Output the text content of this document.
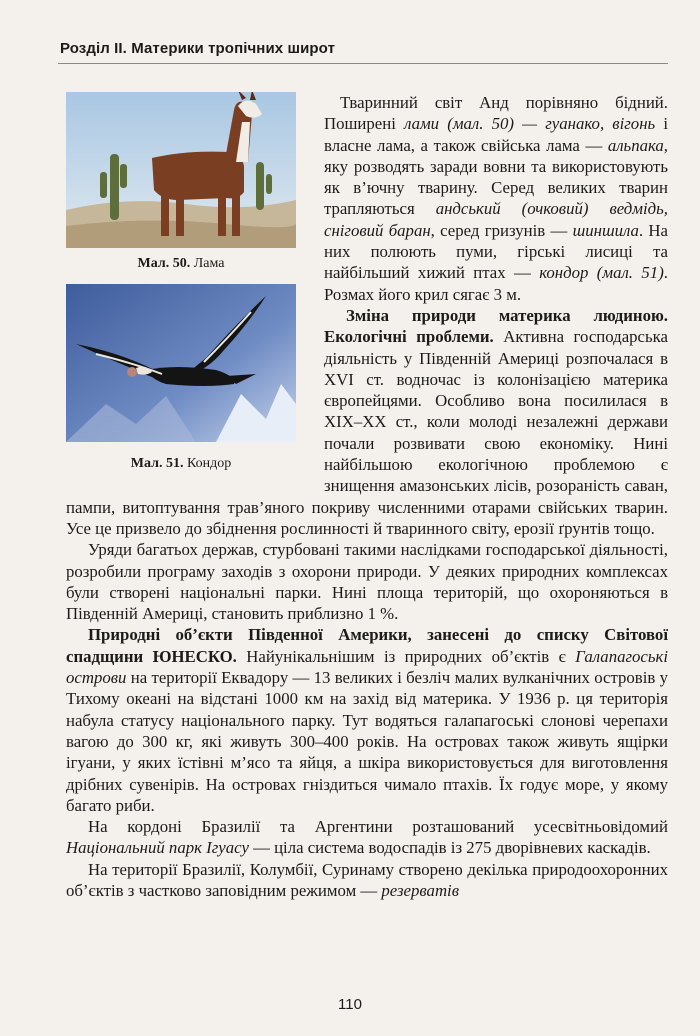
Розділ ІІ. Материки тропічних широт
Мал. 50. Лама
Мал. 51. Кондор

Тваринний світ Анд порівняно бідний. Поширені лами (мал. 50) — гуанако, вігонь і власне лама, а також свійська лама — альпака, яку розводять заради вовни та використовують як в’ючну тварину. Серед великих тварин трапляються андський (очковий) ведмідь, сніговий баран, серед гризунів — шиншила. На них полюють пуми, гірські лисиці та найбільший хижий птах — кондор (мал. 51). Розмах його крил сягає 3 м.

Зміна природи материка людиною. Екологічні проблеми. Активна господарська діяльність у Південній Америці розпочалася в XVI ст. водночас із колонізацією материка європейцями. Особливо вона посилилася в XIX–XX ст., коли молоді незалежні держави почали розвивати свою економіку. Нині найбільшою екологічною проблемою є знищення амазонських лісів, розораність саван, пампи, витоптування трав’яного покриву численними отарами свійських тварин. Усе це призвело до збіднення рослинності й тваринного світу, ерозії ґрунтів тощо.

Уряди багатьох держав, стурбовані такими наслідками господарської діяльності, розробили програму заходів з охорони природи. У деяких природних комплексах були створені національні парки. Нині площа територій, що охороняються в Південній Америці, становить приблизно 1 %.

Природні об’єкти Південної Америки, занесені до списку Світової спадщини ЮНЕСКО. Найунікальнішим із природних об’єктів є Галапагоські острови на території Еквадору — 13 великих і безліч малих вулканічних островів у Тихому океані на відстані 1000 км на захід від материка. У 1936 р. ця територія набула статусу національного парку. Тут водяться галапагоські слонові черепахи вагою до 300 кг, які живуть 300–400 років. На островах також живуть ящірки ігуани, у яких їстівні м’ясо та яйця, а шкіра використовується для виготовлення дрібних сувенірів. На островах гніздиться чимало птахів. Їх годує море, у якому багато риби.

На кордоні Бразилії та Аргентини розташований усесвітньовідомий Національний парк Ігуасу — ціла система водоспадів із 275 дворівневих каскадів.

На території Бразилії, Колумбії, Суринаму створено декілька природоохоронних об’єктів з частково заповідним режимом — резерватів

110
